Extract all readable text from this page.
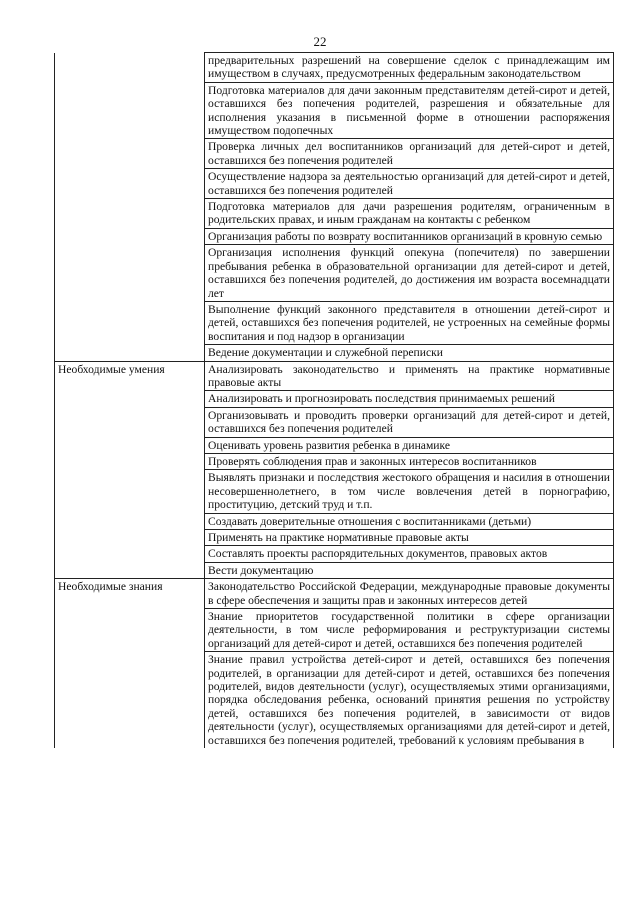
22

	предварительных разрешений на совершение сделок с принадлежащим им имуществом в случаях, предусмотренных федеральным законодательством

	Подготовка материалов для дачи законным представителям детей-сирот и детей, оставшихся без попечения родителей, разрешения и обязательные для исполнения указания в письменной форме в отношении распоряжения имуществом подопечных

	Проверка личных дел воспитанников организаций для детей-сирот и детей, оставшихся без попечения родителей

	Осуществление надзора за деятельностью организаций для детей-сирот и детей, оставшихся без попечения родителей

	Подготовка материалов для дачи разрешения родителям, ограниченным в родительских правах, и иным гражданам на контакты с ребенком

	Организация работы по возврату воспитанников организаций в кровную семью

	Организация исполнения функций опекуна (попечителя) по завершении пребывания ребенка в образовательной организации для детей-сирот и детей, оставшихся без попечения родителей, до достижения им возраста восемнадцати лет

	Выполнение функций законного представителя в отношении детей-сирот и детей, оставшихся без попечения родителей, не устроенных на семейные формы воспитания и под надзор в организации

	Ведение документации и служебной переписки

Необходимые умения	Анализировать законодательство и применять на практике нормативные правовые акты

	Анализировать и прогнозировать последствия принимаемых решений

	Организовывать и проводить проверки организаций для детей-сирот и детей, оставшихся без попечения родителей

	Оценивать уровень развития ребенка в динамике

	Проверять соблюдения прав и законных интересов воспитанников

	Выявлять признаки и последствия жестокого обращения и насилия в отношении несовершеннолетнего, в том числе вовлечения детей в порнографию, проституцию, детский труд и т.п.

	Создавать доверительные отношения с воспитанниками (детьми)

	Применять на практике нормативные правовые акты

	Составлять проекты распорядительных документов, правовых актов

	Вести документацию

Необходимые знания	Законодательство Российской Федерации, международные правовые документы в сфере обеспечения и защиты прав и законных интересов детей

	Знание приоритетов государственной политики в сфере организации деятельности, в том числе реформирования и реструктуризации системы организаций для детей-сирот и детей, оставшихся без попечения родителей

	Знание правил устройства детей-сирот и детей, оставшихся без попечения родителей, в организации для детей-сирот и детей, оставшихся без попечения родителей, видов деятельности (услуг), осуществляемых этими организациями, порядка обследования ребенка, оснований принятия решения по устройству детей, оставшихся без попечения родителей, в зависимости от видов деятельности (услуг), осуществляемых организациями для детей-сирот и детей, оставшихся без попечения родителей, требований к условиям пребывания в
